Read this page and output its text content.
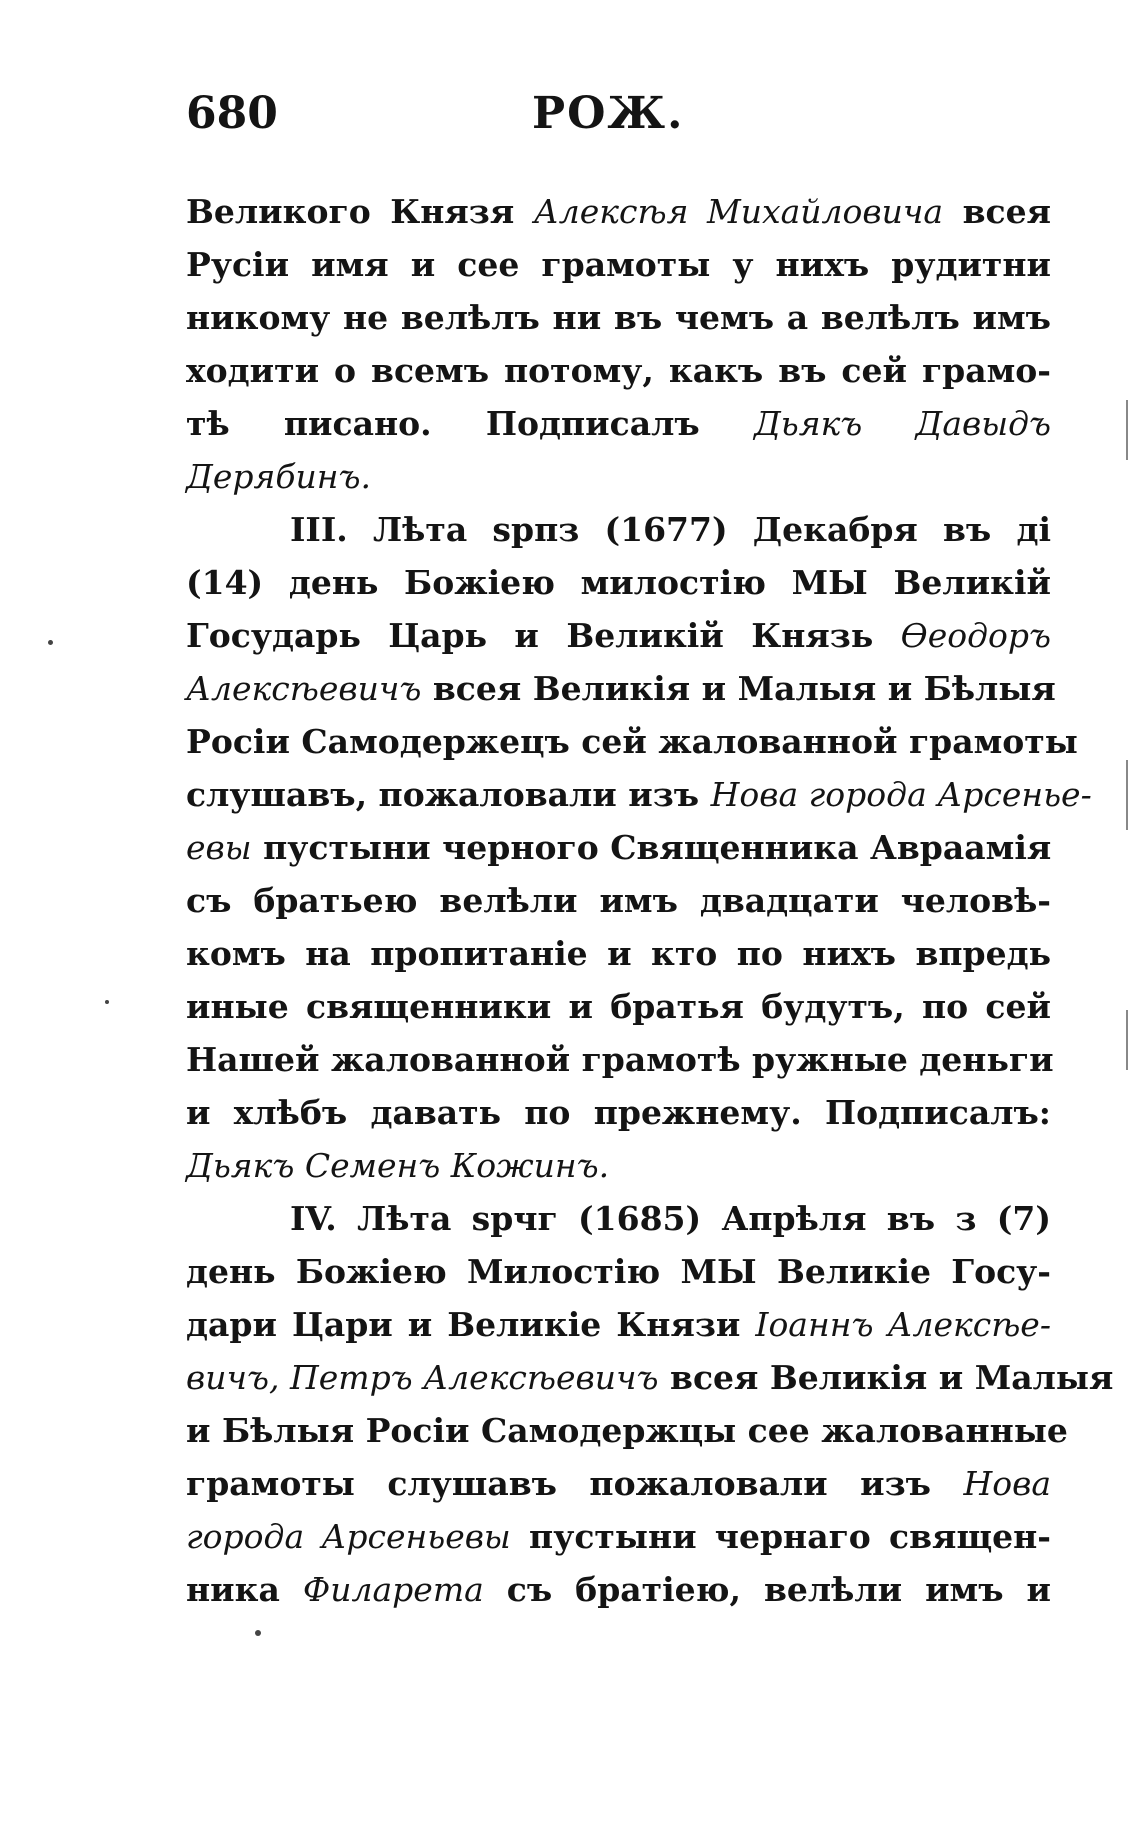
680	РОЖ.
Великого Князя Алексѣя Михайловича всея
Русіи имя и сее грамоты у нихъ рудитни
никому не велѣлъ ни въ чемъ а велѣлъ имъ
ходити о всемъ потому, какъ въ сей грамо-
тѣ писано. Подписалъ Дьякъ Давыдъ
Дерябинъ.
III. Лѣта ѕрпз (1677) Декабря въ ді
(14) день Божіею милостію МЫ Великій
Государь Царь и Великій Князь Ѳеодоръ
Алексѣевичъ всея Великія и Малыя и Бѣлыя
Росіи Самодержецъ сей жалованной грамоты
слушавъ, пожаловали изъ Нова города Арсенье-
евы пустыни черного Священника Авраамія
съ братьею велѣли имъ двадцати человѣ-
комъ на пропитаніе и кто по нихъ впредь
иные священники и братья будутъ, по сей
Нашей жалованной грамотѣ ружные деньги
и хлѣбъ давать по прежнему. Подписалъ:
Дьякъ Семенъ Кожинъ.
IV. Лѣта ѕрчг (1685) Апрѣля въ з (7)
день Божіею Милостію МЫ Великіе Госу-
дари Цари и Великіе Князи Іоаннъ Алексѣе-
вичъ, Петръ Алексѣевичъ всея Великія и Малыя
и Бѣлыя Росіи Самодержцы сее жалованные
грамоты слушавъ пожаловали изъ Нова
города Арсеньевы пустыни чернаго священ-
ника Филарета съ братіею, велѣли имъ и
